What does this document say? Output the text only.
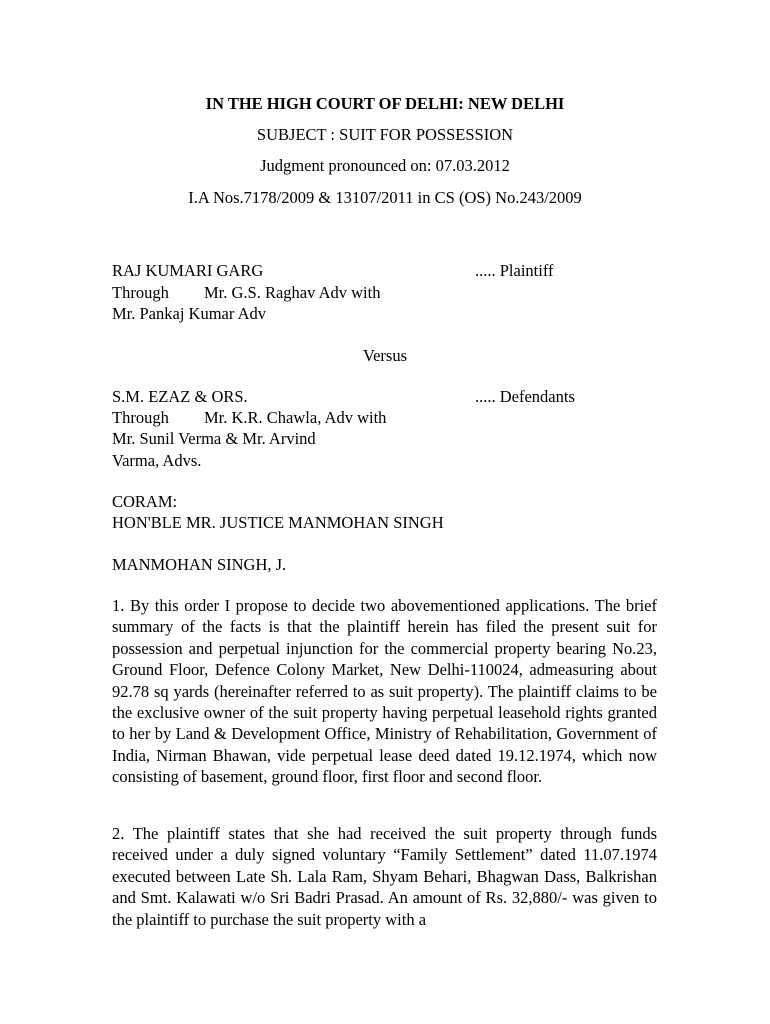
IN THE HIGH COURT OF DELHI: NEW DELHI
SUBJECT : SUIT FOR POSSESSION
Judgment pronounced on: 07.03.2012
I.A Nos.7178/2009 & 13107/2011 in CS (OS) No.243/2009
RAJ KUMARI GARG	..... Plaintiff
Through Mr. G.S. Raghav Adv with
Mr. Pankaj Kumar Adv
Versus
S.M. EZAZ & ORS.	..... Defendants
Through Mr. K.R. Chawla, Adv with
Mr. Sunil Verma & Mr. Arvind
Varma, Advs.
CORAM:
HON'BLE MR. JUSTICE MANMOHAN SINGH
MANMOHAN SINGH, J.

1. By this order I propose to decide two abovementioned applications. The brief summary of the facts is that the plaintiff herein has filed the present suit for possession and perpetual injunction for the commercial property bearing No.23, Ground Floor, Defence Colony Market, New Delhi-110024, admeasuring about 92.78 sq yards (hereinafter referred to as suit property). The plaintiff claims to be the exclusive owner of the suit property having perpetual leasehold rights granted to her by Land & Development Office, Ministry of Rehabilitation, Government of India, Nirman Bhawan, vide perpetual lease deed dated 19.12.1974, which now consisting of basement, ground floor, first floor and second floor.

2. The plaintiff states that she had received the suit property through funds received under a duly signed voluntary “Family Settlement” dated 11.07.1974 executed between Late Sh. Lala Ram, Shyam Behari, Bhagwan Dass, Balkrishan and Smt. Kalawati w/o Sri Badri Prasad. An amount of Rs. 32,880/- was given to the plaintiff to purchase the suit property with a
